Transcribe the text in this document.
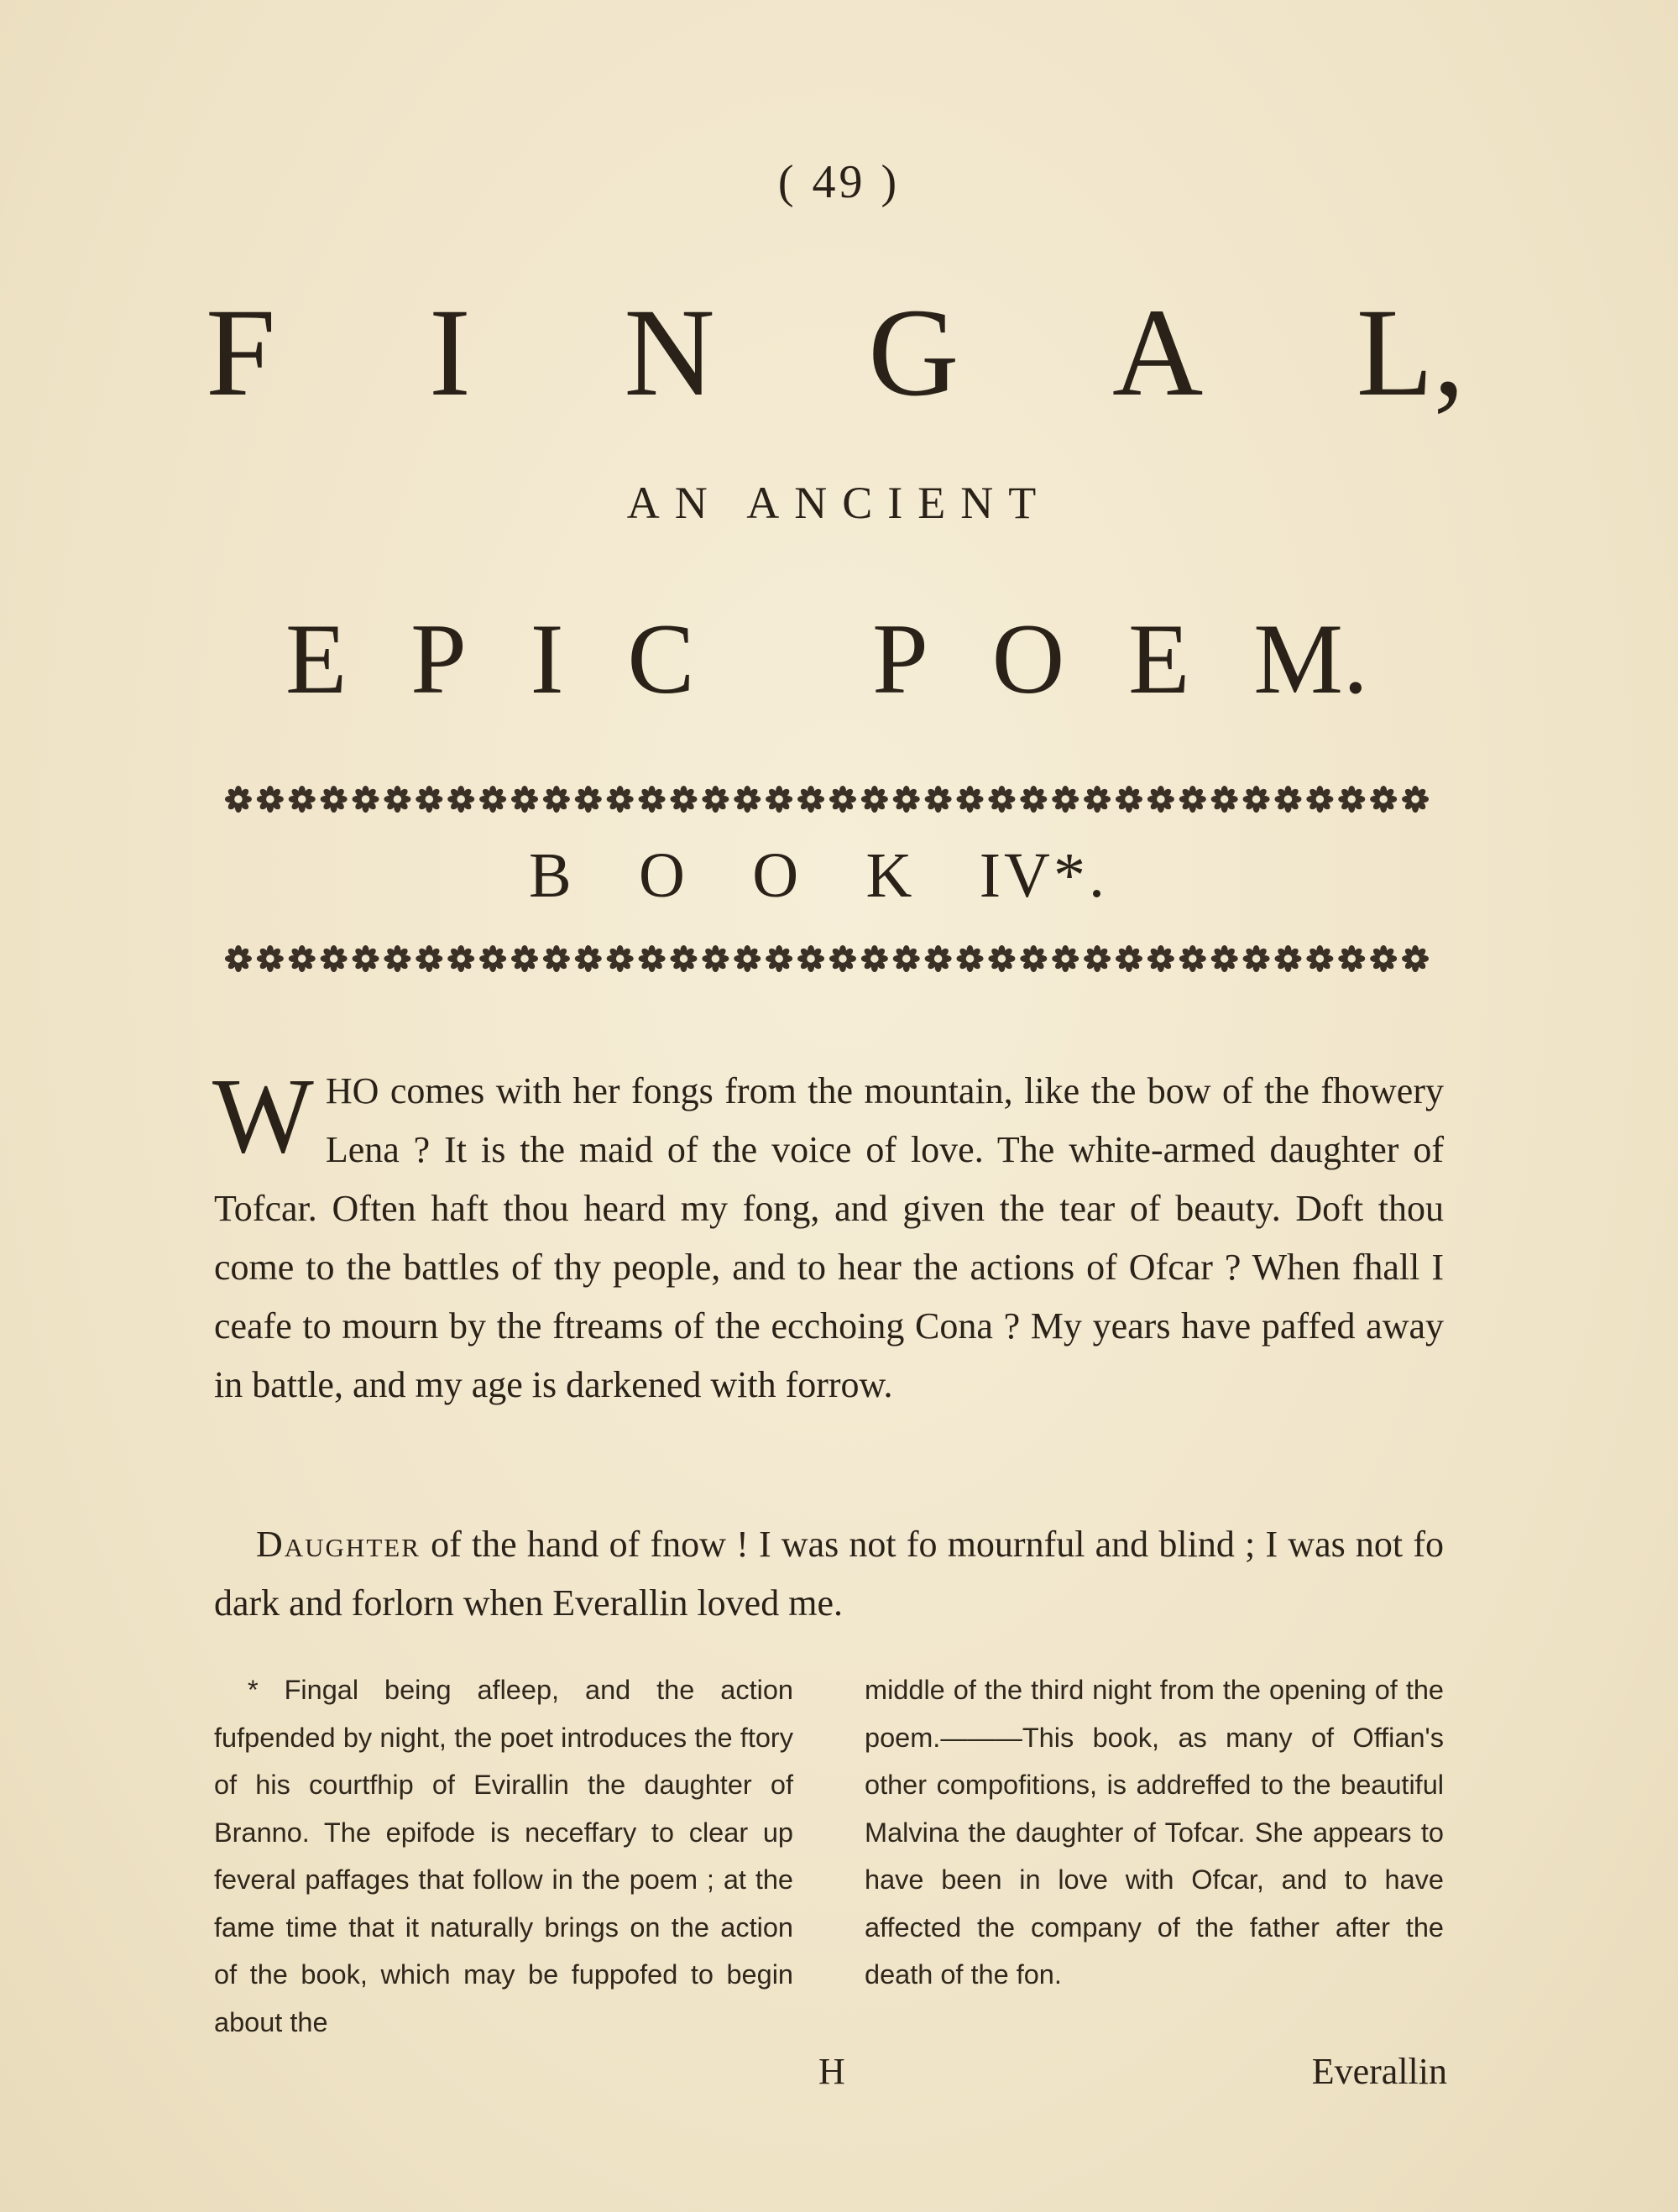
( 49 )
F I N G A L,
AN ANCIENT
E P I C P O E M.
B O O K IV*.
WHO comes with her fongs from the mountain, like the bow of the fhowery Lena ? It is the maid of the voice of love. The white-armed daughter of Tofcar. Often haft thou heard my fong, and given the tear of beauty. Doft thou come to the battles of thy people, and to hear the actions of Ofcar ? When fhall I ceafe to mourn by the ftreams of the ecchoing Cona ? My years have paffed away in battle, and my age is darkened with forrow.
Daughter of the hand of fnow ! I was not fo mournful and blind ; I was not fo dark and forlorn when Everallin loved me.
* Fingal being afleep, and the action fufpended by night, the poet introduces the ftory of his courtfhip of Evirallin the daughter of Branno. The epifode is neceffary to clear up feveral paffages that follow in the poem ; at the fame time that it naturally brings on the action of the book, which may be fuppofed to begin about the
middle of the third night from the opening of the poem.———This book, as many of Offian's other compofitions, is addreffed to the beautiful Malvina the daughter of Tofcar. She appears to have been in love with Ofcar, and to have affected the company of the father after the death of the fon.
H	Everallin
